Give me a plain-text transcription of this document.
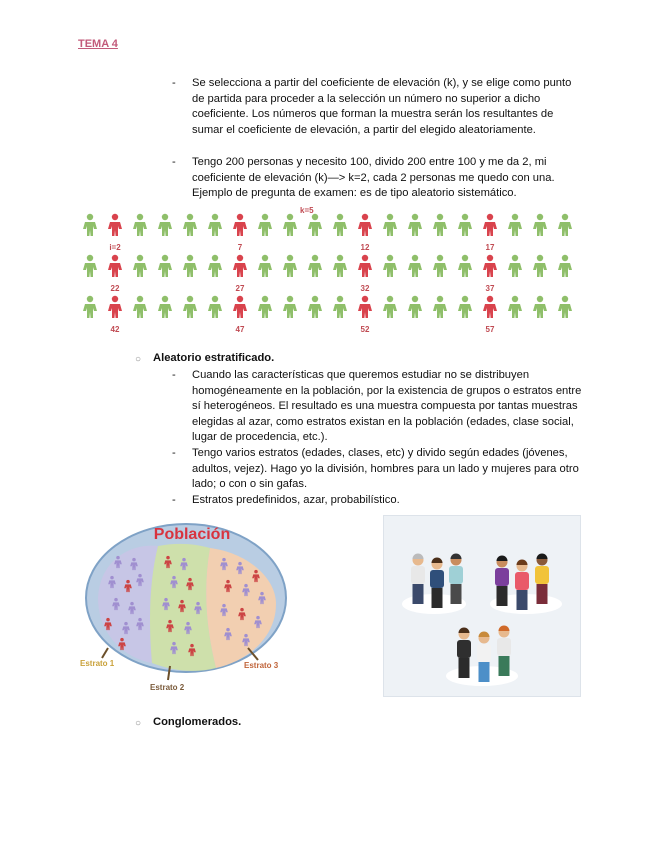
TEMA 4
- Se selecciona a partir del coeficiente de elevación (k), y se elige como punto de partida para proceder a la selección un número no superior a dicho coeficiente. Los números que forman la muestra serán los resultantes de sumar el coeficiente de elevación, a partir del elegido aleatoriamente.
- Tengo 200 personas y necesito 100, divido 200 entre 100 y me da 2, mi coeficiente de elevación (k)—> k=2, cada 2 personas me quedo con una. Ejemplo de pregunta de examen: es de tipo aleatorio sistemático.
k=5
i=2	7	12	17
22	27	32	37
42	47	52	57
○ Aleatorio estratificado.
- Cuando las características que queremos estudiar no se distribuyen homogéneamente en la población, por la existencia de grupos o estratos entre sí heterogéneos. El resultado es una muestra compuesta por tantas muestras elegidas al azar, como estratos existan en la población (edades, clase social, lugar de procedencia, etc.).
- Tengo varios estratos (edades, clases, etc) y divido según edades (jóvenes, adultos, vejez). Hago yo la división, hombres para un lado y mujeres para otro lado; o con o sin gafas.
- Estratos predefinidos, azar, probabilístico.
Población
Estrato 1
Estrato 2
Estrato 3
○ Conglomerados.
